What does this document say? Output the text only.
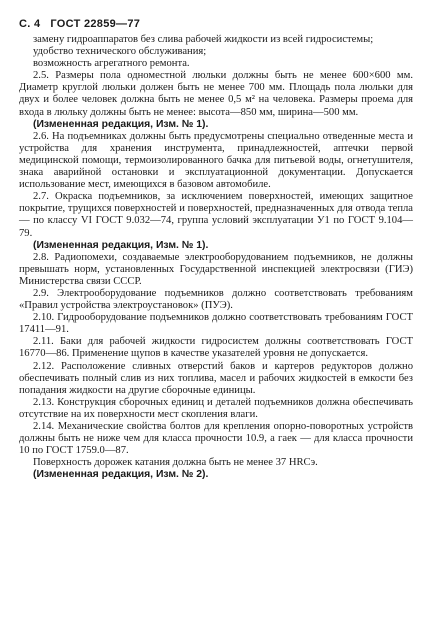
С. 4 ГОСТ 22859—77

замену гидроаппаратов без слива рабочей жидкости из всей гидросистемы;

удобство технического обслуживания;

возможность агрегатного ремонта.

2.5. Размеры пола одноместной люльки должны быть не менее 600×600 мм. Диаметр круглой люльки должен быть не менее 700 мм. Площадь пола люльки для двух и более человек должна быть не менее 0,5 м² на человека. Размеры проема для входа в люльку должны быть не менее: высота—850 мм, ширина—500 мм.

(Измененная редакция, Изм. № 1).

2.6. На подъемниках должны быть предусмотрены специально отведенные места и устройства для хранения инструмента, принадлежностей, аптечки первой медицинской помощи, термоизолированного бачка для питьевой воды, огнетушителя, знака аварийной остановки и эксплуатационной документации. Допускается использование мест, имеющихся в базовом автомобиле.

2.7. Окраска подъемников, за исключением поверхностей, имеющих защитное покрытие, трущихся поверхностей и поверхностей, предназначенных для отвода тепла — по классу VI ГОСТ 9.032—74, группа условий эксплуатации У1 по ГОСТ 9.104—79.

(Измененная редакция, Изм. № 1).

2.8. Радиопомехи, создаваемые электрооборудованием подъемников, не должны превышать норм, установленных Государственной инспекцией электросвязи (ГИЭ) Министерства связи СССР.

2.9. Электрооборудование подъемников должно соответствовать требованиям «Правил устройства электроустановок» (ПУЭ).

2.10. Гидрооборудование подъемников должно соответствовать требованиям ГОСТ 17411—91.

2.11. Баки для рабочей жидкости гидросистем должны соответствовать ГОСТ 16770—86. Применение щупов в качестве указателей уровня не допускается.

2.12. Расположение сливных отверстий баков и картеров редукторов должно обеспечивать полный слив из них топлива, масел и рабочих жидкостей в емкости без попадания жидкости на другие сборочные единицы.

2.13. Конструкция сборочных единиц и деталей подъемников должна обеспечивать отсутствие на их поверхности мест скопления влаги.

2.14. Механические свойства болтов для крепления опорно-поворотных устройств должны быть не ниже чем для класса прочности 10.9, а гаек — для класса прочности 10 по ГОСТ 1759.0—87.

Поверхность дорожек катания должна быть не менее 37 HRCэ.

(Измененная редакция, Изм. № 2).
